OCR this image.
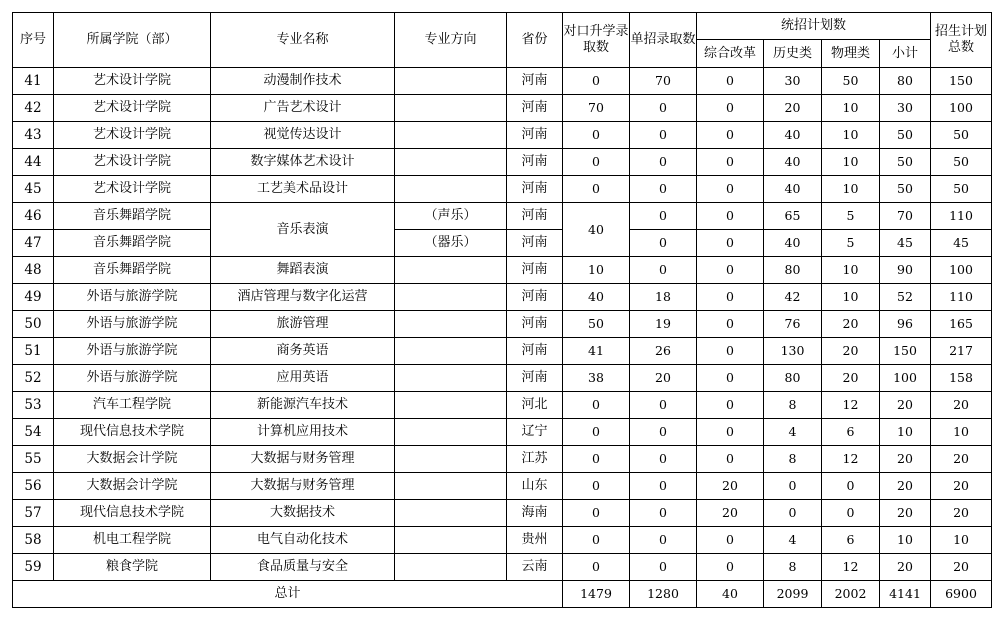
序号	所属学院（部）	专业名称	专业方向	省份	对口升学录取数	单招录取数	统招计划数				招生计划总数
							综合改革	历史类	物理类	小计	
41	艺术设计学院	动漫制作技术		河南	0	70	0	30	50	80	150
42	艺术设计学院	广告艺术设计		河南	70	0	0	20	10	30	100
43	艺术设计学院	视觉传达设计		河南	0	0	0	40	10	50	50
44	艺术设计学院	数字媒体艺术设计		河南	0	0	0	40	10	50	50
45	艺术设计学院	工艺美术品设计		河南	0	0	0	40	10	50	50
46	音乐舞蹈学院	音乐表演	（声乐）	河南	40	0	0	65	5	70	110
47	音乐舞蹈学院		（器乐）	河南		0	0	40	5	45	45
48	音乐舞蹈学院	舞蹈表演		河南	10	0	0	80	10	90	100
49	外语与旅游学院	酒店管理与数字化运营		河南	40	18	0	42	10	52	110
50	外语与旅游学院	旅游管理		河南	50	19	0	76	20	96	165
51	外语与旅游学院	商务英语		河南	41	26	0	130	20	150	217
52	外语与旅游学院	应用英语		河南	38	20	0	80	20	100	158
53	汽车工程学院	新能源汽车技术		河北	0	0	0	8	12	20	20
54	现代信息技术学院	计算机应用技术		辽宁	0	0	0	4	6	10	10
55	大数据会计学院	大数据与财务管理		江苏	0	0	0	8	12	20	20
56	大数据会计学院	大数据与财务管理		山东	0	0	20	0	0	20	20
57	现代信息技术学院	大数据技术		海南	0	0	20	0	0	20	20
58	机电工程学院	电气自动化技术		贵州	0	0	0	4	6	10	10
59	粮食学院	食品质量与安全		云南	0	0	0	8	12	20	20
总计					1479	1280	40	2099	2002	4141	6900
